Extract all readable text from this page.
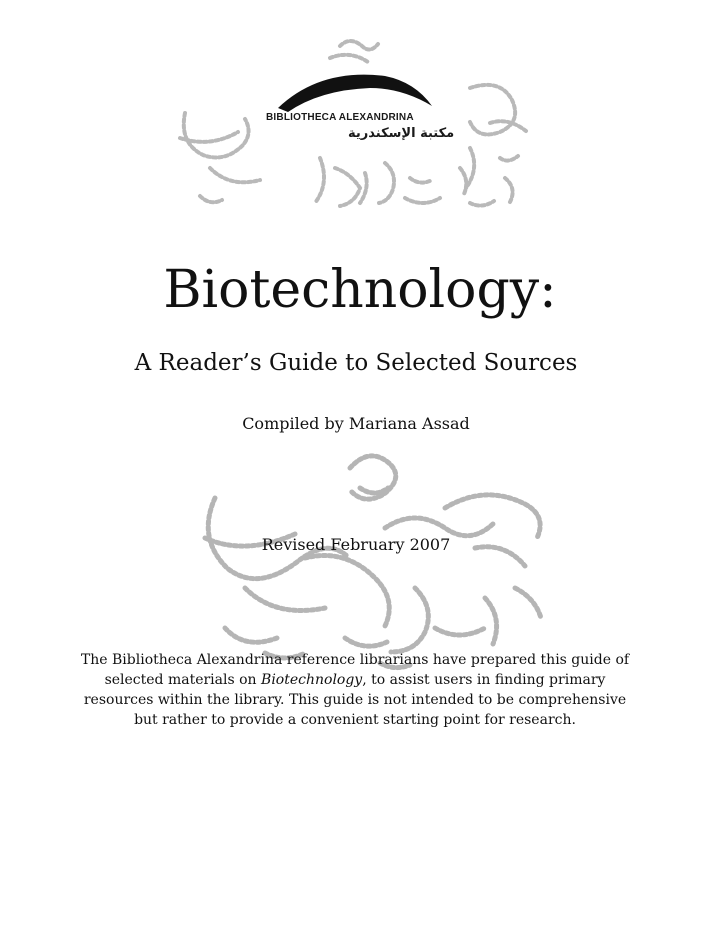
BIBLIOTHECA ALEXANDRINA
مكتبة الإسكندرية
Biotechnology:
A Reader’s Guide to Selected Sources
Compiled by Mariana Assad
Revised February 2007
The Bibliotheca Alexandrina reference librarians have prepared this guide of selected materials on Biotechnology, to assist users in finding primary resources within the library. This guide is not intended to be comprehensive but rather to provide a convenient starting point for research.
